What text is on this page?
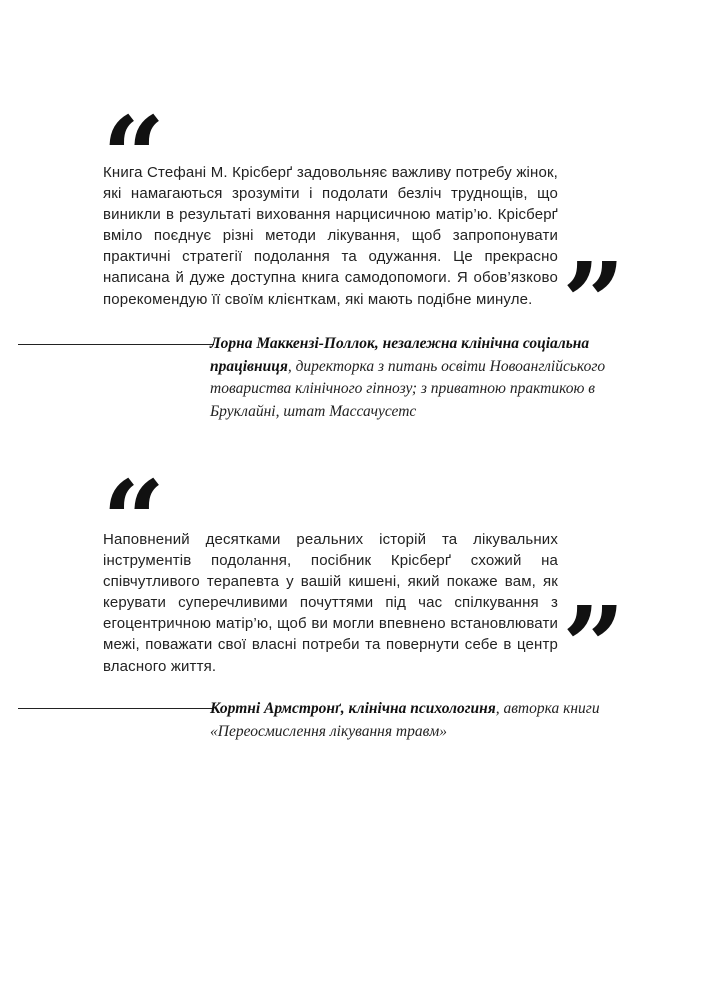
“
Книга Стефані М. Крісберґ задовольняє важливу потребу жінок, які намагаються зрозуміти і подолати безліч труднощів, що виникли в результаті виховання нарцисичною матір’ю. Крісберґ вміло поєднує різні методи лікування, щоб запропонувати практичні стратегії подолання та одужання. Це прекрасно написана й дуже доступна книга самодопомоги. Я обов’язково порекомендую її своїм клієнткам, які мають подібне минуле. ”
Лорна Маккензі-Поллок, незалежна клінічна соціальна працівниця, директорка з питань освіти Новоанглійського товариства клінічного гіпнозу; з приватною практикою в Бруклайні, штат Массачусетс
“
Наповнений десятками реальних історій та лікувальних інструментів подолання, посібник Крісберґ схожий на співчутливого терапевта у вашій кишені, який покаже вам, як керувати суперечливими почуттями під час спілкування з егоцентричною матір’ю, щоб ви могли впевнено встановлювати межі, поважати свої власні потреби та повернути себе в центр власного життя.	”
Кортні Армстронґ, клінічна психологиня, авторка книги «Переосмислення лікування травм»
